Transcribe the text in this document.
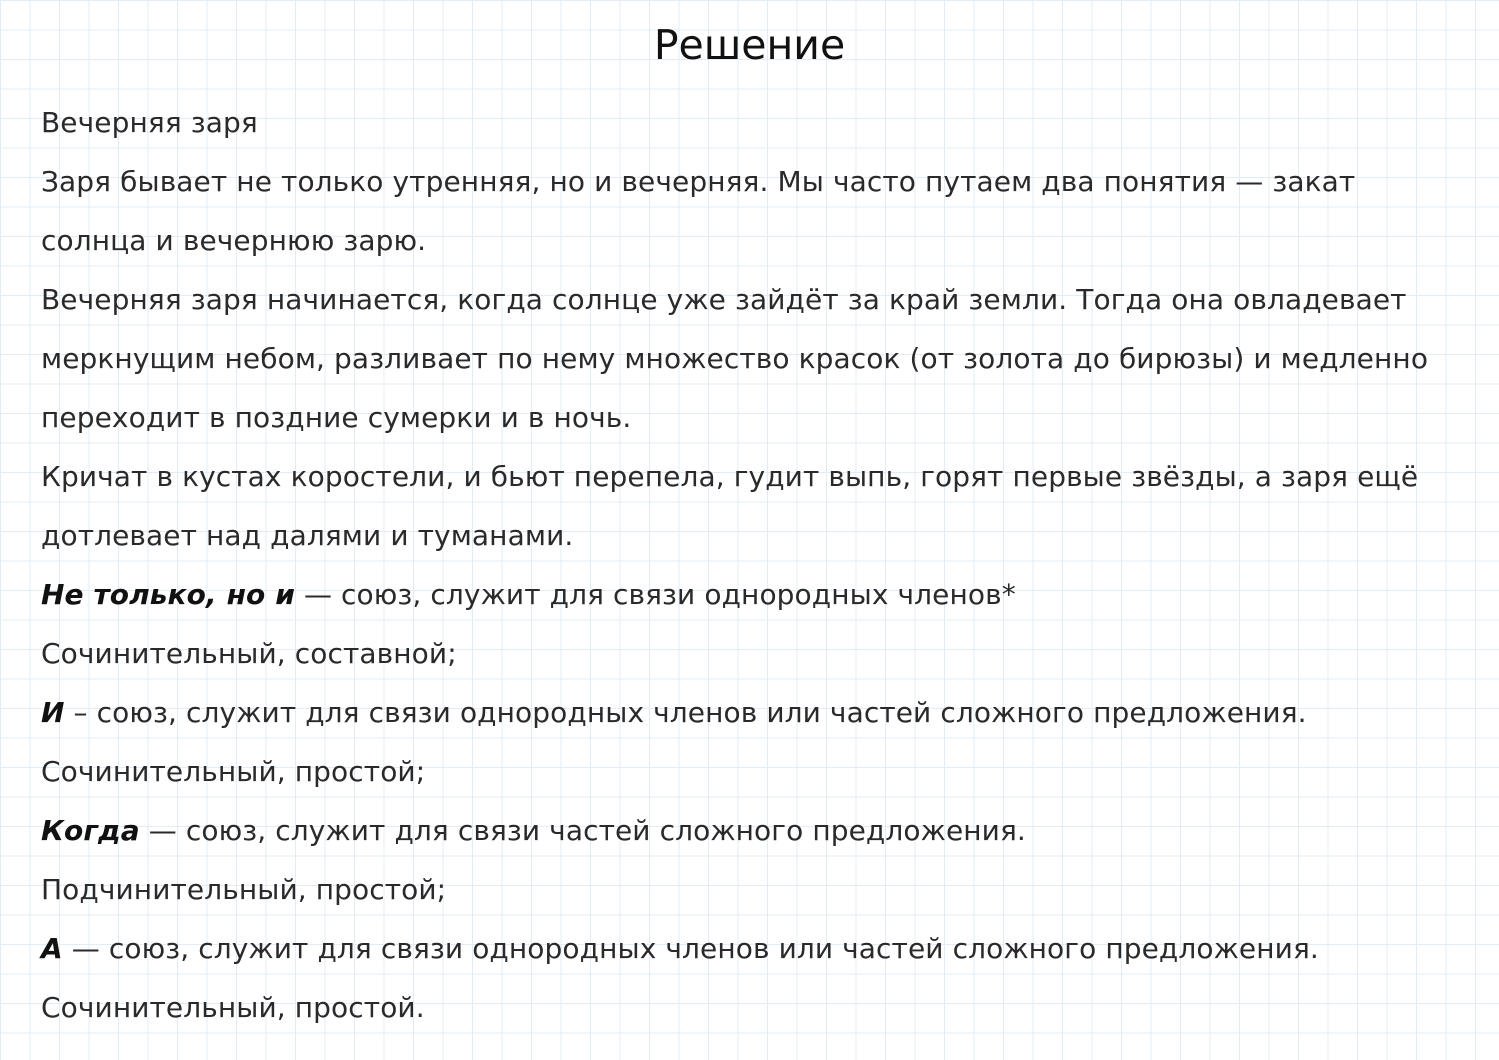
Решение
Вечерняя заря
Заря бывает не только утренняя, но и вечерняя. Мы часто путаем два понятия — закат
солнца и вечернюю зарю.
Вечерняя заря начинается, когда солнце уже зайдёт за край земли. Тогда она овладевает
меркнущим небом, разливает по нему множество красок (от золота до бирюзы) и медленно
переходит в поздние сумерки и в ночь.
Кричат в кустах коростели, и бьют перепела, гудит выпь, горят первые звёзды, а заря ещё
дотлевает над далями и туманами.
Не только, но и — союз, служит для связи однородных членов*
Сочинительный, составной;
И – союз, служит для связи однородных членов или частей сложного предложения.
Сочинительный, простой;
Когда — союз, служит для связи частей сложного предложения.
Подчинительный, простой;
А — союз, служит для связи однородных членов или частей сложного предложения.
Сочинительный, простой.
